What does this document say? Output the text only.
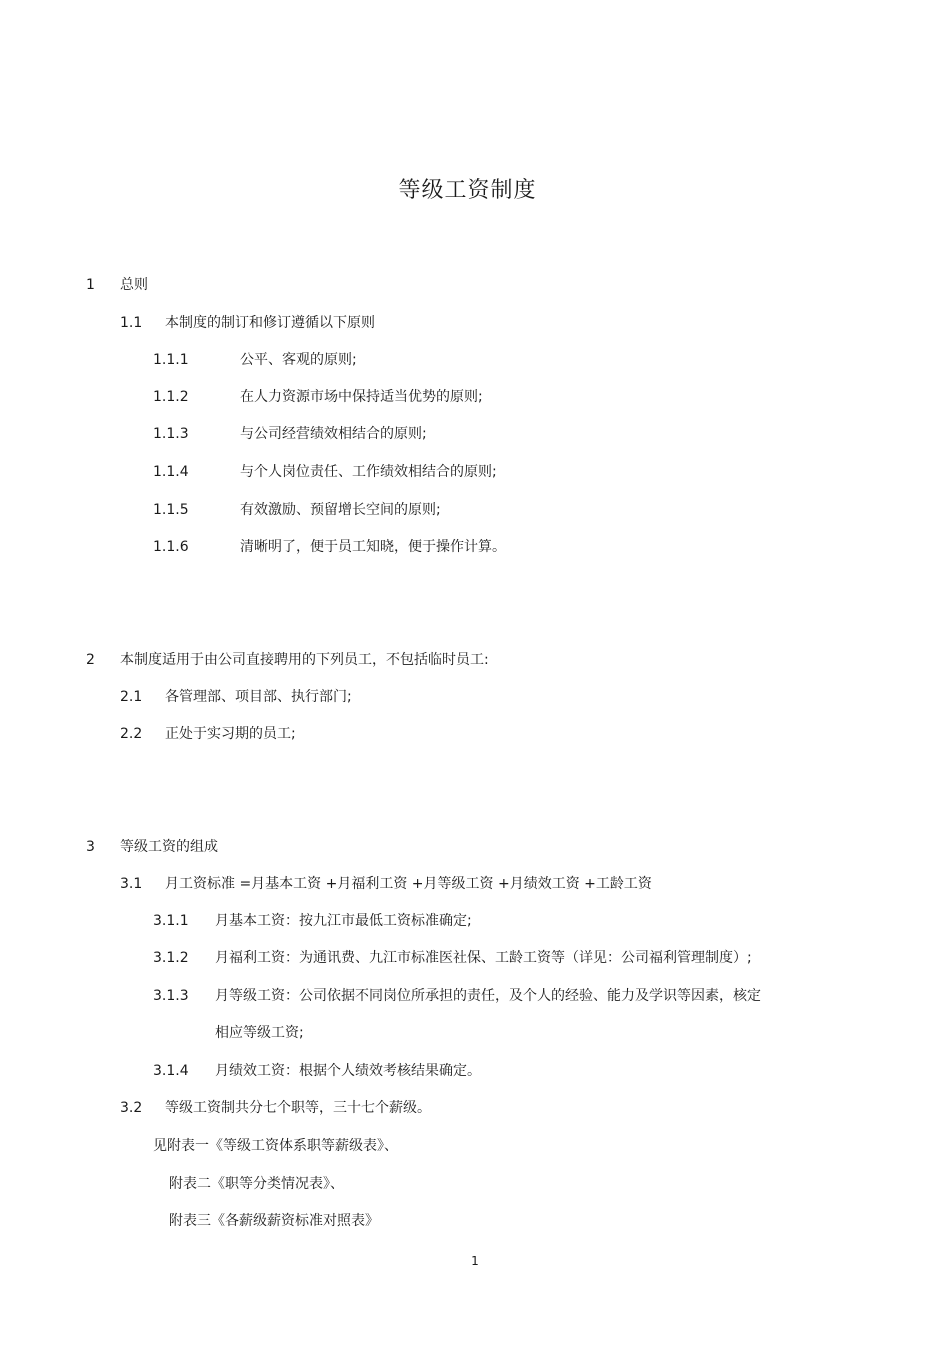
等级工资制度
1 总则
1.1 本制度的制订和修订遵循以下原则
1.1.1	公平、客观的原则;
1.1.2	在人力资源市场中保持适当优势的原则;
1.1.3	与公司经营绩效相结合的原则;
1.1.4	与个人岗位责任、工作绩效相结合的原则;
1.1.5	有效激励、预留增长空间的原则;
1.1.6	清晰明了，便于员工知晓，便于操作计算。
2 本制度适用于由公司直接聘用的下列员工，不包括临时员工:
2.1 各管理部、项目部、执行部门;
2.2 正处于实习期的员工;
3 等级工资的组成
3.1 月工资标准 =月基本工资 +月福利工资 +月等级工资 +月绩效工资 +工龄工资
3.1.1 月基本工资：按九江市最低工资标准确定;
3.1.2 月福利工资：为通讯费、九江市标准医社保、工龄工资等（详见：公司福利管理制度）;
3.1.3 月等级工资：公司依据不同岗位所承担的责任，及个人的经验、能力及学识等因素，核定
相应等级工资;
3.1.4 月绩效工资：根据个人绩效考核结果确定。
3.2 等级工资制共分七个职等，三十七个薪级。
见附表一《等级工资体系职等薪级表》、
附表二《职等分类情况表》、
附表三《各薪级薪资标准对照表》
1
